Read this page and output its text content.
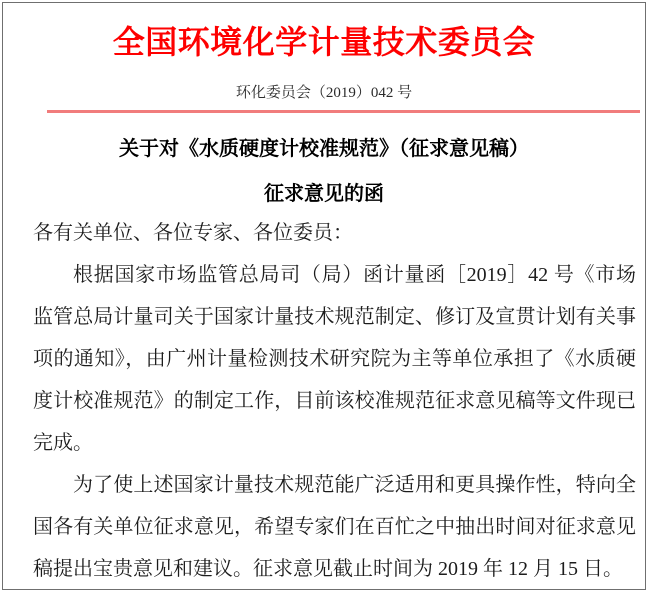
全国环境化学计量技术委员会
环化委员会（2019）042 号
关于对《水质硬度计校准规范》（征求意见稿）
征求意见的函

各有关单位、各位专家、各位委员：

根据国家市场监管总局司（局）函计量函［2019］42 号《市场监管总局计量司关于国家计量技术规范制定、修订及宣贯计划有关事项的通知》，由广州计量检测技术研究院为主等单位承担了《水质硬度计校准规范》的制定工作，目前该校准规范征求意见稿等文件现已完成。

为了使上述国家计量技术规范能广泛适用和更具操作性，特向全国各有关单位征求意见，希望专家们在百忙之中抽出时间对征求意见稿提出宝贵意见和建议。征求意见截止时间为 2019 年 12 月 15 日。
